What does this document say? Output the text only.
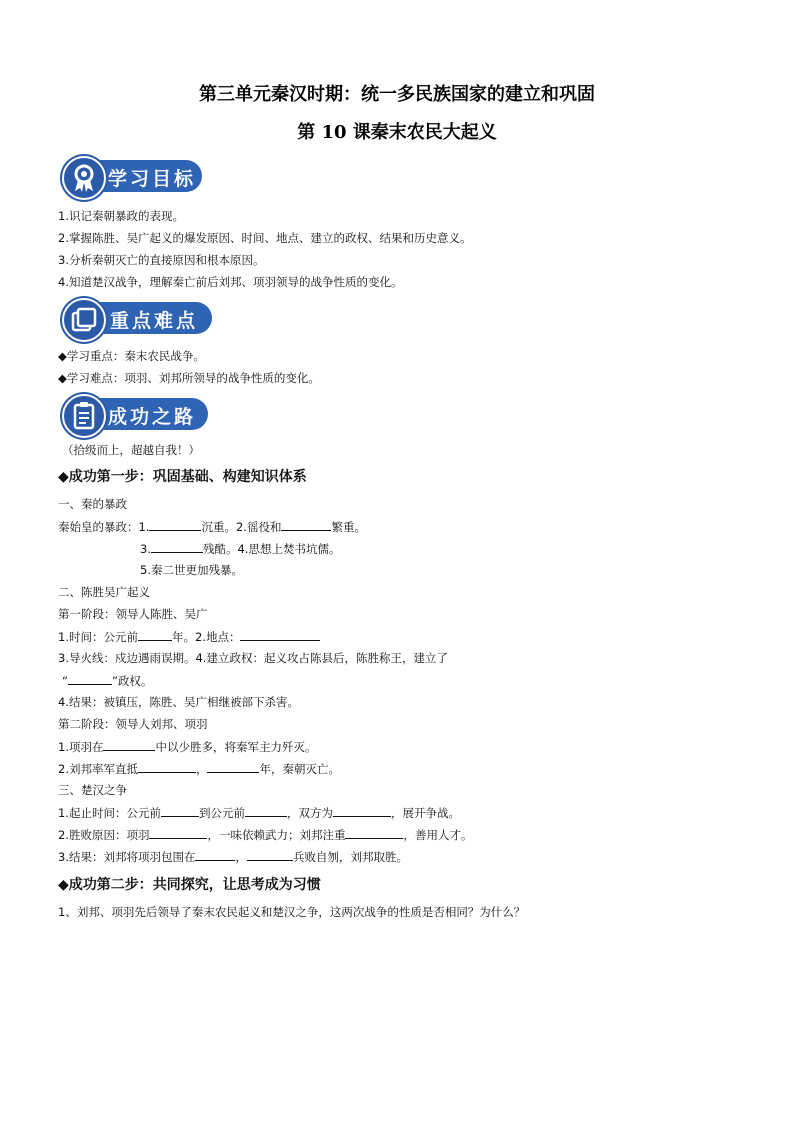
第三单元秦汉时期：统一多民族国家的建立和巩固
第 10 课秦末农民大起义
学习目标
1.识记秦朝暴政的表现。
2.掌握陈胜、吴广起义的爆发原因、时间、地点、建立的政权、结果和历史意义。
3.分析秦朝灭亡的直接原因和根本原因。
4.知道楚汉战争，理解秦亡前后刘邦、项羽领导的战争性质的变化。
重点难点
◆学习重点：秦末农民战争。
◆学习难点：项羽、刘邦所领导的战争性质的变化。
成功之路
（拾级而上，超越自我！）
◆成功第一步：巩固基础、构建知识体系
一、秦的暴政
秦始皇的暴政：1.	沉重。2.徭役和	繁重。
3.	残酷。4.思想上焚书坑儒。
5.秦二世更加残暴。
二、陈胜吴广起义
第一阶段：领导人陈胜、吴广
1.时间：公元前	年。2.地点：
3.导火线：戍边遇雨误期。4.建立政权：起义攻占陈县后，陈胜称王，建立了
“	”政权。
4.结果：被镇压，陈胜、吴广相继被部下杀害。
第二阶段：领导人刘邦、项羽
1.项羽在	中以少胜多，将秦军主力歼灭。
2.刘邦率军直抵	，	年，秦朝灭亡。
三、楚汉之争
1.起止时间：公元前	到公元前	，双方为	，展开争战。
2.胜败原因：项羽	，一味依赖武力；刘邦注重	，善用人才。
3.结果：刘邦将项羽包围在	，	兵败自刎，刘邦取胜。
◆成功第二步：共同探究，让思考成为习惯
1、刘邦、项羽先后领导了秦末农民起义和楚汉之争，这两次战争的性质是否相同？为什么？
